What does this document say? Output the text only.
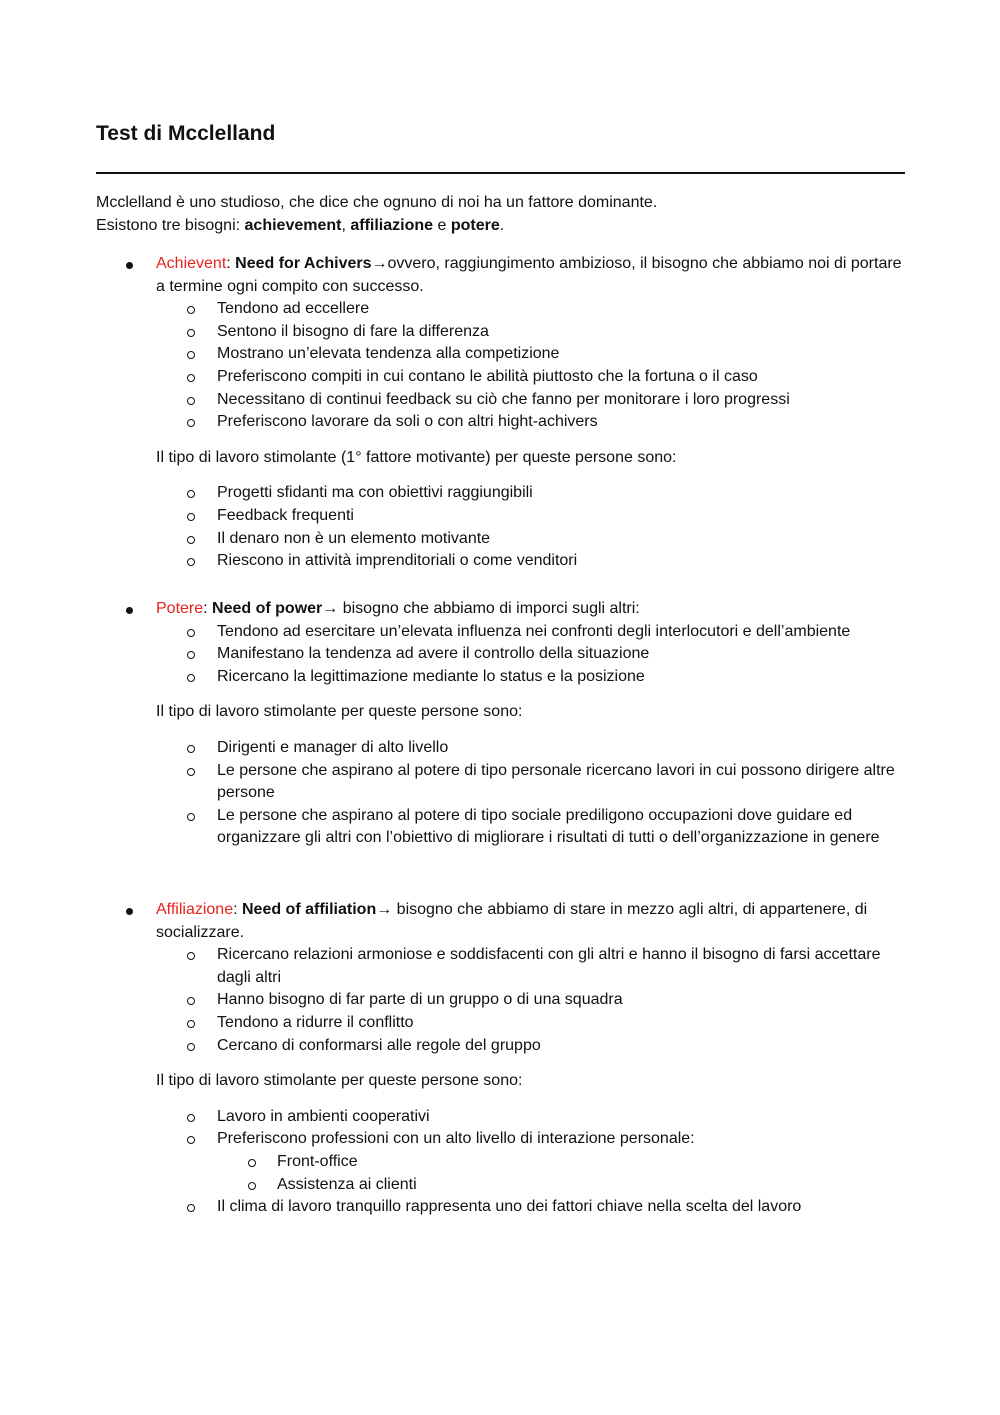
Test di Mcclelland

Mcclelland è uno studioso, che dice che ognuno di noi ha un fattore dominante.

Esistono tre bisogni: achievement, affiliazione e potere.

Achievent: Need for Achivers→ovvero, raggiungimento ambizioso, il bisogno che abbiamo noi di portare a termine ogni compito con successo.
Tendono ad eccellere
Sentono il bisogno di fare la differenza
Mostrano un’elevata tendenza alla competizione
Preferiscono compiti in cui contano le abilità piuttosto che la fortuna o il caso
Necessitano di continui feedback su ciò che fanno per monitorare i loro progressi
Preferiscono lavorare da soli o con altri hight-achivers
Il tipo di lavoro stimolante (1° fattore motivante) per queste persone sono:
Progetti sfidanti ma con obiettivi raggiungibili
Feedback frequenti
Il denaro non è un elemento motivante
Riescono in attività imprenditoriali o come venditori
Potere: Need of power→ bisogno che abbiamo di imporci sugli altri:
Tendono ad esercitare un’elevata influenza nei confronti degli interlocutori e dell’ambiente
Manifestano la tendenza ad avere il controllo della situazione
Ricercano la legittimazione mediante lo status e la posizione
Il tipo di lavoro stimolante per queste persone sono:
Dirigenti e manager di alto livello
Le persone che aspirano al potere di tipo personale ricercano lavori in cui possono dirigere altre persone
Le persone che aspirano al potere di tipo sociale prediligono occupazioni dove guidare ed organizzare gli altri con l’obiettivo di migliorare i risultati di tutti o dell’organizzazione in genere
Affiliazione: Need of affiliation→ bisogno che abbiamo di stare in mezzo agli altri, di appartenere, di socializzare.
Ricercano relazioni armoniose e soddisfacenti con gli altri e hanno il bisogno di farsi accettare dagli altri
Hanno bisogno di far parte di un gruppo o di una squadra
Tendono a ridurre il conflitto
Cercano di conformarsi alle regole del gruppo
Il tipo di lavoro stimolante per queste persone sono:
Lavoro in ambienti cooperativi
Preferiscono professioni con un alto livello di interazione personale:
Front-office
Assistenza ai clienti
Il clima di lavoro tranquillo rappresenta uno dei fattori chiave nella scelta del lavoro
